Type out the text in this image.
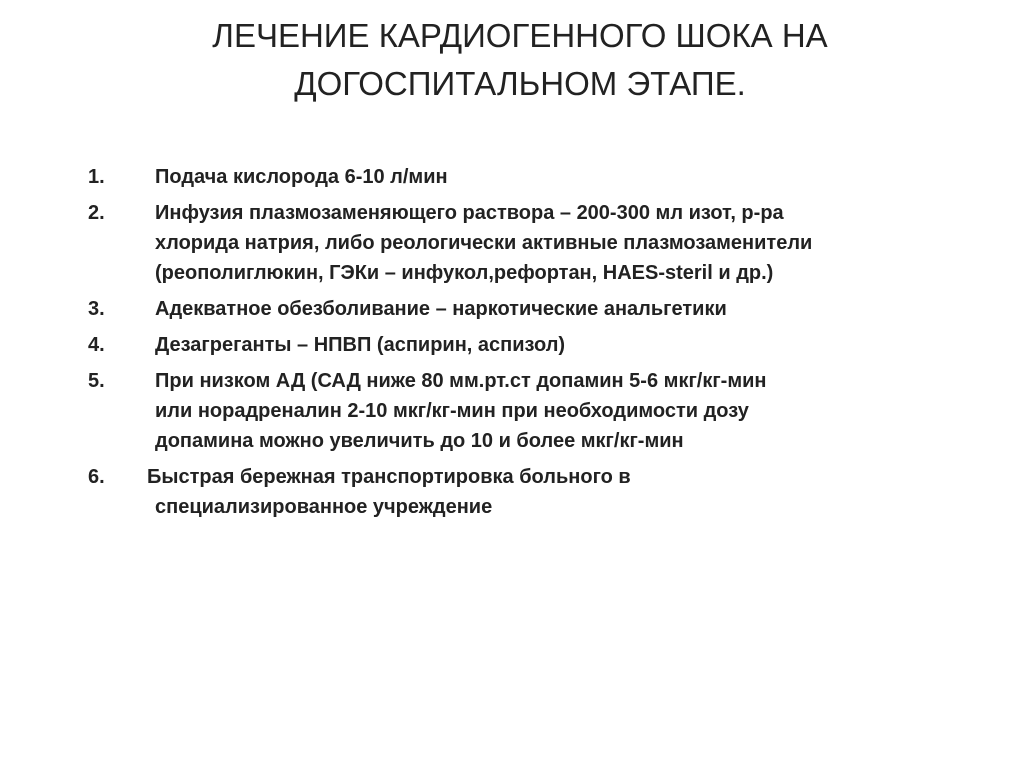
ЛЕЧЕНИЕ КАРДИОГЕННОГО ШОКА НА
ДОГОСПИТАЛЬНОМ ЭТАПЕ.
1.	Подача кислорода 6-10 л/мин
2.	Инфузия плазмозаменяющего раствора – 200-300 мл изот, р-ра
хлорида натрия, либо реологически активные плазмозаменители
(реополиглюкин, ГЭКи – инфукол,рефортан, HAES-steril и др.)
3.	Адекватное обезболивание – наркотические анальгетики
4.	Дезагреганты – НПВП (аспирин, аспизол)
5.	При низком АД (САД ниже 80 мм.рт.ст допамин 5-6 мкг/кг-мин
или норадреналин 2-10 мкг/кг-мин при необходимости дозу
допамина можно увеличить до 10 и более мкг/кг-мин
6. Быстрая бережная транспортировка больного в
специализированное учреждение
